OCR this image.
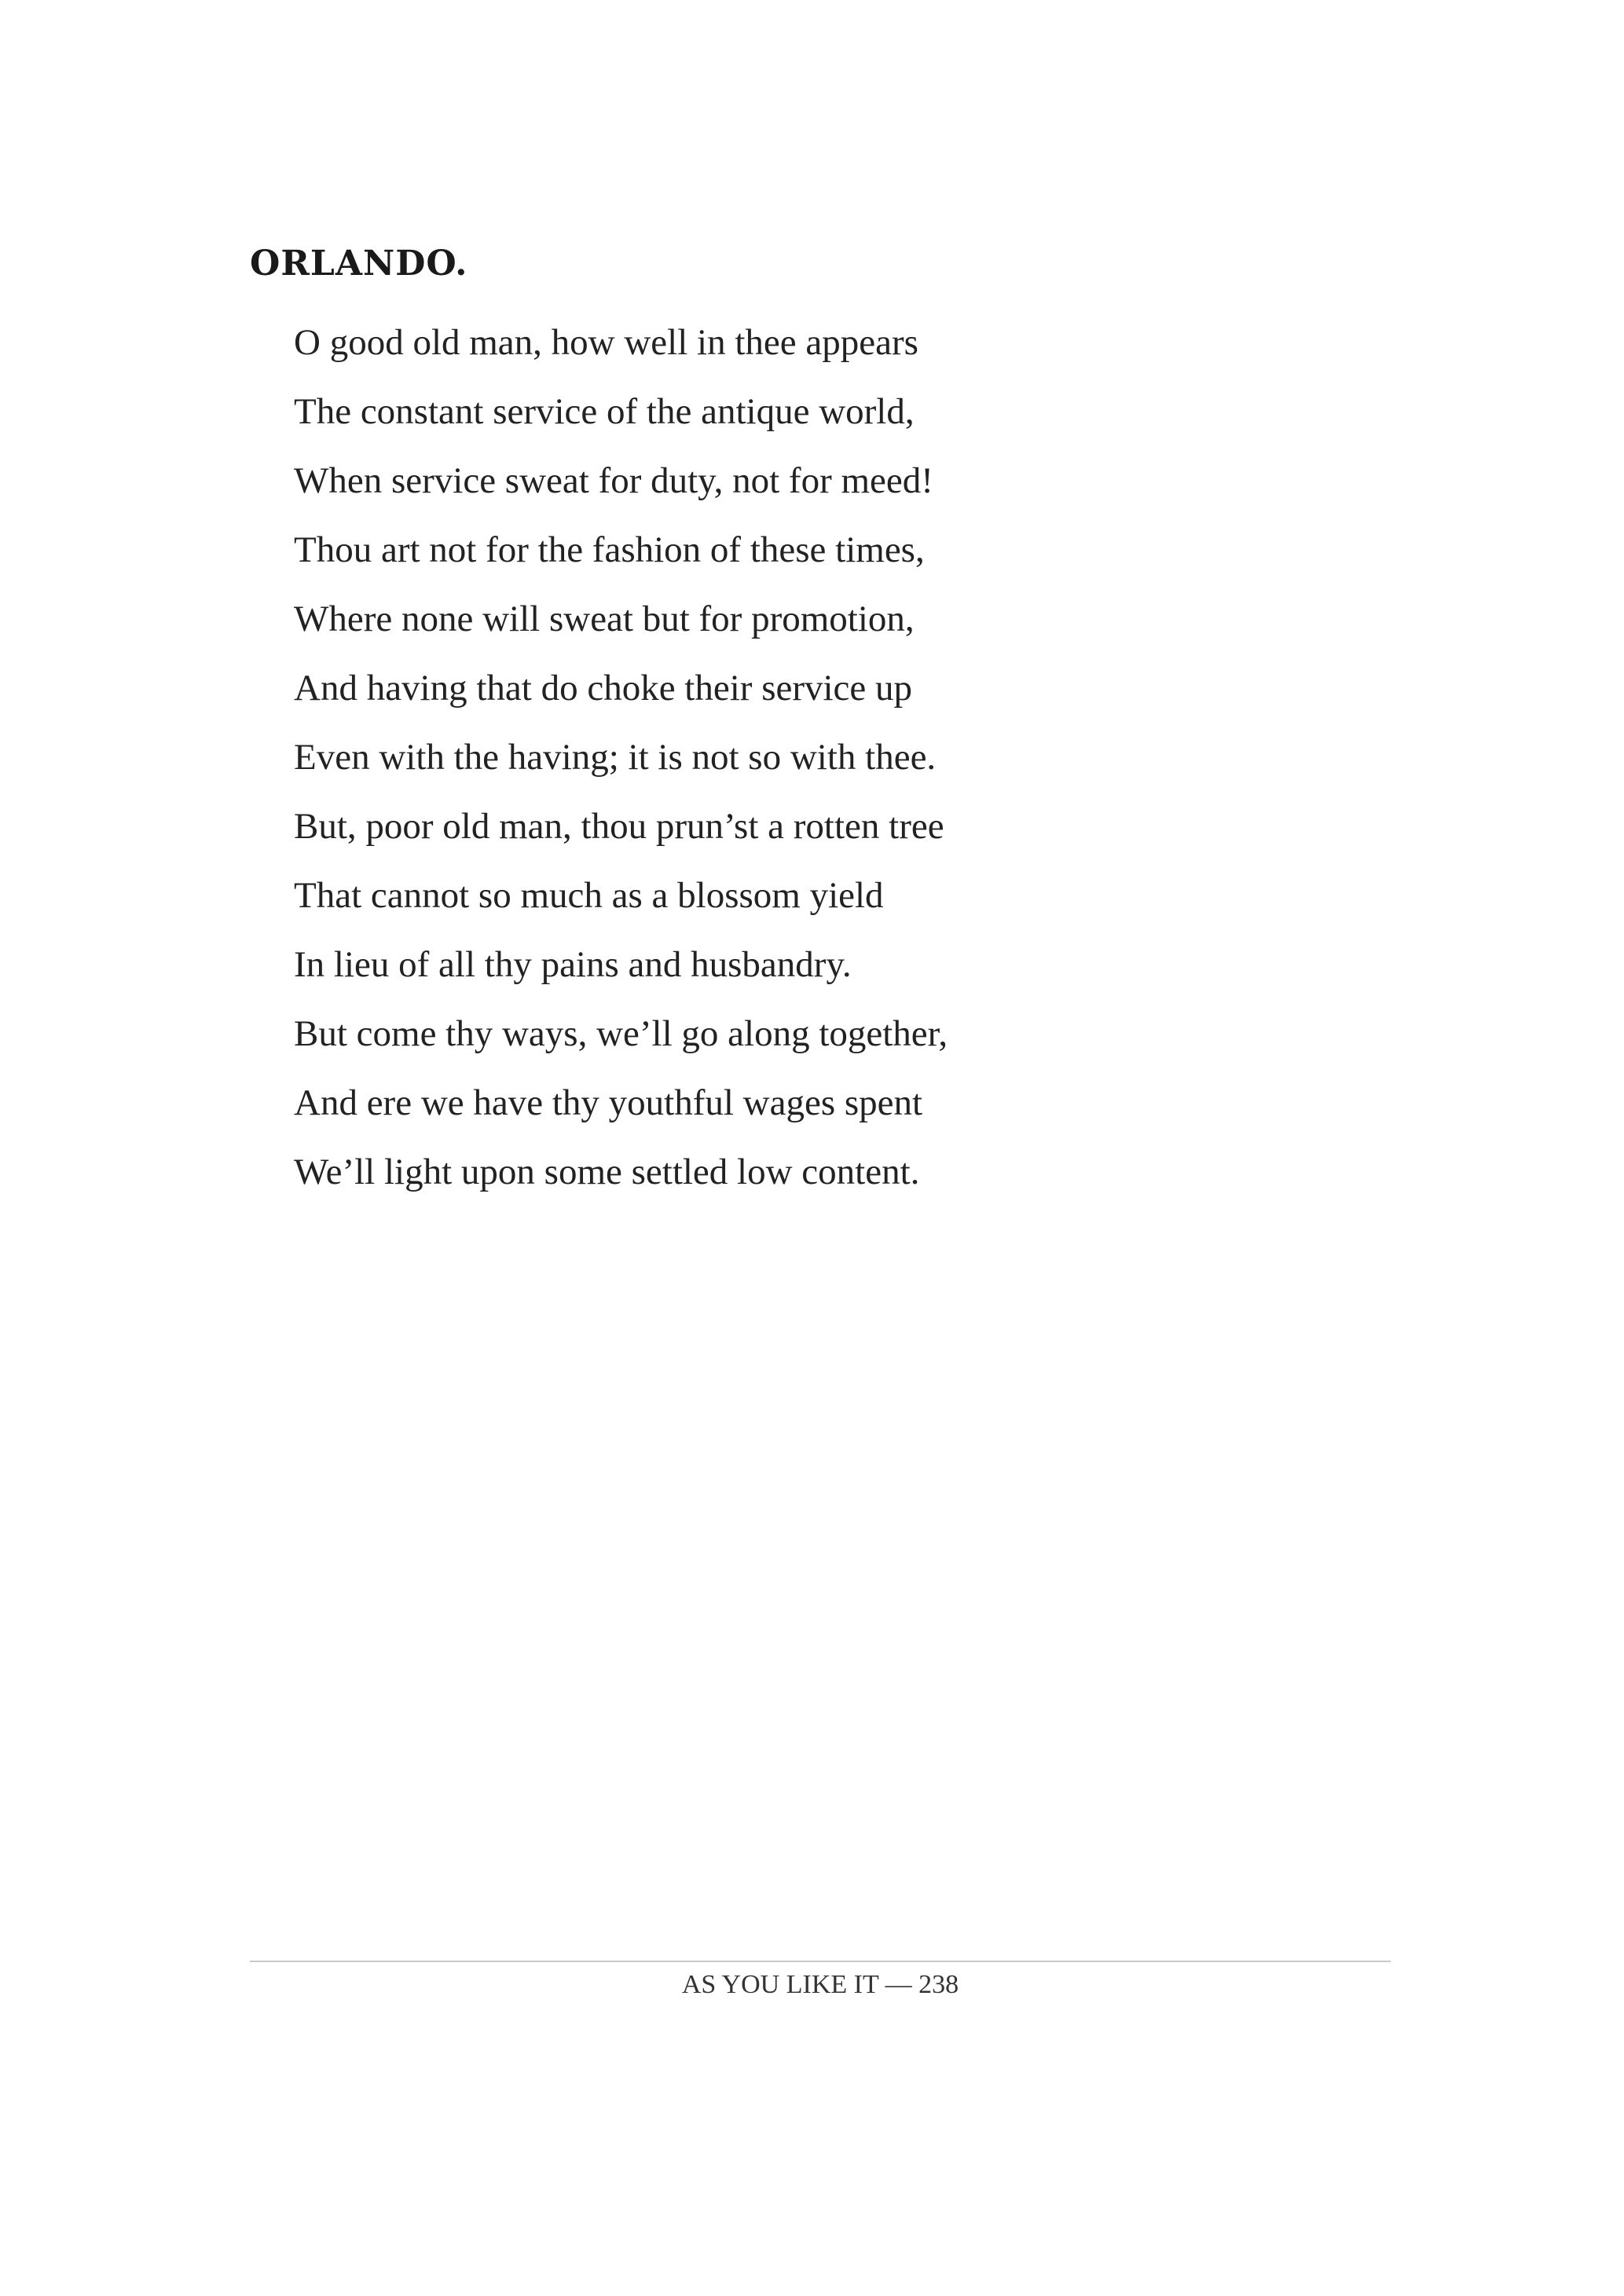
ORLANDO.
O good old man, how well in thee appears
The constant service of the antique world,
When service sweat for duty, not for meed!
Thou art not for the fashion of these times,
Where none will sweat but for promotion,
And having that do choke their service up
Even with the having; it is not so with thee.
But, poor old man, thou prun’st a rotten tree
That cannot so much as a blossom yield
In lieu of all thy pains and husbandry.
But come thy ways, we’ll go along together,
And ere we have thy youthful wages spent
We’ll light upon some settled low content.
AS YOU LIKE IT — 238
